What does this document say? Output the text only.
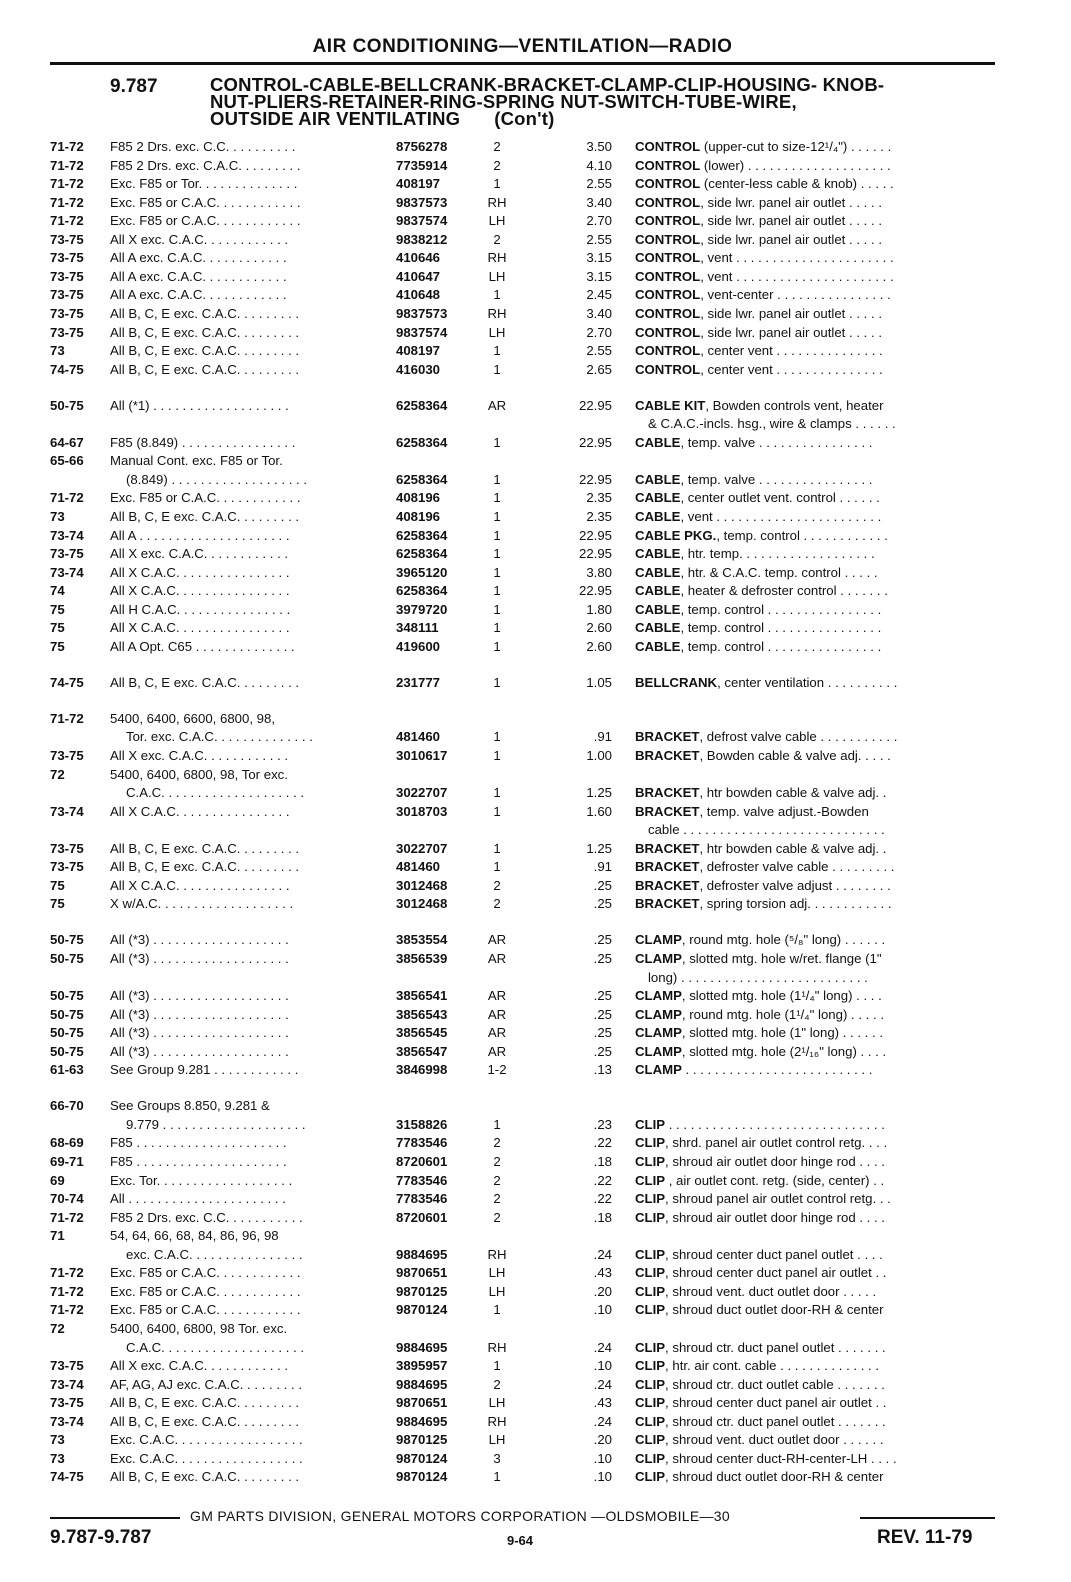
AIR CONDITIONING—VENTILATION—RADIO
9.787	CONTROL-CABLE-BELLCRANK-BRACKET-CLAMP-CLIP-HOUSING- KNOB-
NUT-PLIERS-RETAINER-RING-SPRING NUT-SWITCH-TUBE-WIRE,
OUTSIDE AIR VENTILATING (Con't)
71-72 F85 2 Drs. exc. C.C. . . . . . . . . .	8756278	2	3.50 CONTROL (upper-cut to size-12¹/₄") . . . . . .
71-72 F85 2 Drs. exc. C.A.C. . . . . . . . .	7735914	2	4.10 CONTROL (lower) . . . . . . . . . . . . . . . . . . . .
71-72 Exc. F85 or Tor. . . . . . . . . . . . . .	408197	1	2.55 CONTROL (center-less cable & knob) . . . . .
71-72 Exc. F85 or C.A.C. . . . . . . . . . . .	9837573	RH	3.40 CONTROL, side lwr. panel air outlet . . . . .
71-72 Exc. F85 or C.A.C. . . . . . . . . . . .	9837574	LH	2.70 CONTROL, side lwr. panel air outlet . . . . .
73-75 All X exc. C.A.C. . . . . . . . . . . .	9838212	2	2.55 CONTROL, side lwr. panel air outlet . . . . .
73-75 All A exc. C.A.C. . . . . . . . . . . .	410646	RH	3.15 CONTROL, vent . . . . . . . . . . . . . . . . . . . . . .
73-75 All A exc. C.A.C. . . . . . . . . . . .	410647	LH	3.15 CONTROL, vent . . . . . . . . . . . . . . . . . . . . . .
73-75 All A exc. C.A.C. . . . . . . . . . . .	410648	1	2.45 CONTROL, vent-center . . . . . . . . . . . . . . . .
73-75 All B, C, E exc. C.A.C. . . . . . . . .	9837573	RH	3.40 CONTROL, side lwr. panel air outlet . . . . .
73-75 All B, C, E exc. C.A.C. . . . . . . . .	9837574	LH	2.70 CONTROL, side lwr. panel air outlet . . . . .
73	All B, C, E exc. C.A.C. . . . . . . . .	408197	1	2.55 CONTROL, center vent . . . . . . . . . . . . . . .
74-75 All B, C, E exc. C.A.C. . . . . . . . .	416030	1	2.65 CONTROL, center vent . . . . . . . . . . . . . . .
50-75 All (*1) . . . . . . . . . . . . . . . . . . .	6258364	AR	22.95 CABLE KIT, Bowden controls vent, heater
& C.A.C.-incls. hsg., wire & clamps . . . . . .
64-67 F85 (8.849) . . . . . . . . . . . . . . . .	6258364	1	22.95 CABLE, temp. valve . . . . . . . . . . . . . . . .
65-66 Manual Cont. exc. F85 or Tor.
(8.849) . . . . . . . . . . . . . . . . . . .	6258364	1	22.95 CABLE, temp. valve . . . . . . . . . . . . . . . .
71-72 Exc. F85 or C.A.C. . . . . . . . . . . .	408196	1	2.35 CABLE, center outlet vent. control . . . . . .
73	All B, C, E exc. C.A.C. . . . . . . . .	408196	1	2.35 CABLE, vent . . . . . . . . . . . . . . . . . . . . . . .
73-74 All A . . . . . . . . . . . . . . . . . . . . .	6258364	1	22.95 CABLE PKG., temp. control . . . . . . . . . . . .
73-75 All X exc. C.A.C. . . . . . . . . . . .	6258364	1	22.95 CABLE, htr. temp. . . . . . . . . . . . . . . . . . .
73-74 All X C.A.C. . . . . . . . . . . . . . . .	3965120	1	3.80 CABLE, htr. & C.A.C. temp. control . . . . .
74	All X C.A.C. . . . . . . . . . . . . . . .	6258364	1	22.95 CABLE, heater & defroster control . . . . . . .
75	All H C.A.C. . . . . . . . . . . . . . . .	3979720	1	1.80 CABLE, temp. control . . . . . . . . . . . . . . . .
75	All X C.A.C. . . . . . . . . . . . . . . .	348111	1	2.60 CABLE, temp. control . . . . . . . . . . . . . . . .
75	All A Opt. C65 . . . . . . . . . . . . . .	419600	1	2.60 CABLE, temp. control . . . . . . . . . . . . . . . .
74-75 All B, C, E exc. C.A.C. . . . . . . . .	231777	1	1.05 BELLCRANK, center ventilation . . . . . . . . . .
71-72 5400, 6400, 6600, 6800, 98,
Tor. exc. C.A.C. . . . . . . . . . . . . .	481460	1	.91 BRACKET, defrost valve cable . . . . . . . . . . .
73-75 All X exc. C.A.C. . . . . . . . . . . .	3010617	1	1.00 BRACKET, Bowden cable & valve adj. . . . .
72	5400, 6400, 6800, 98, Tor exc.
C.A.C. . . . . . . . . . . . . . . . . . . .	3022707	1	1.25 BRACKET, htr bowden cable & valve adj. .
73-74 All X C.A.C. . . . . . . . . . . . . . . .	3018703	1	1.60 BRACKET, temp. valve adjust.-Bowden
cable . . . . . . . . . . . . . . . . . . . . . . . . . . . .
73-75 All B, C, E exc. C.A.C. . . . . . . . .	3022707	1	1.25 BRACKET, htr bowden cable & valve adj. .
73-75 All B, C, E exc. C.A.C. . . . . . . . .	481460	1	.91 BRACKET, defroster valve cable . . . . . . . . .
75	All X C.A.C. . . . . . . . . . . . . . . .	3012468	2	.25 BRACKET, defroster valve adjust . . . . . . . .
75	X w/A.C. . . . . . . . . . . . . . . . . . .	3012468	2	.25 BRACKET, spring torsion adj. . . . . . . . . . . .
50-75 All (*3) . . . . . . . . . . . . . . . . . . .	3853554	AR	.25 CLAMP, round mtg. hole (⁵/₈" long) . . . . . .
50-75 All (*3) . . . . . . . . . . . . . . . . . . .	3856539	AR	.25 CLAMP, slotted mtg. hole w/ret. flange (1"
long) . . . . . . . . . . . . . . . . . . . . . . . . . .
50-75 All (*3) . . . . . . . . . . . . . . . . . . .	3856541	AR	.25 CLAMP, slotted mtg. hole (1¹/₄" long) . . . .
50-75 All (*3) . . . . . . . . . . . . . . . . . . .	3856543	AR	.25 CLAMP, round mtg. hole (1¹/₄" long) . . . . .
50-75 All (*3) . . . . . . . . . . . . . . . . . . .	3856545	AR	.25 CLAMP, slotted mtg. hole (1" long) . . . . . .
50-75 All (*3) . . . . . . . . . . . . . . . . . . .	3856547	AR	.25 CLAMP, slotted mtg. hole (2¹/₁₆" long) . . . .
61-63 See Group 9.281 . . . . . . . . . . . .	3846998	1-2	.13 CLAMP . . . . . . . . . . . . . . . . . . . . . . . . . .
66-70 See Groups 8.850, 9.281 &
9.779 . . . . . . . . . . . . . . . . . . . .	3158826	1	.23 CLIP . . . . . . . . . . . . . . . . . . . . . . . . . . . . . .
68-69 F85 . . . . . . . . . . . . . . . . . . . . .	7783546	2	.22 CLIP, shrd. panel air outlet control retg. . . .
69-71 F85 . . . . . . . . . . . . . . . . . . . . .	8720601	2	.18 CLIP, shroud air outlet door hinge rod . . . .
69	Exc. Tor. . . . . . . . . . . . . . . . . . .	7783546	2	.22 CLIP , air outlet cont. retg. (side, center) . .
70-74 All . . . . . . . . . . . . . . . . . . . . . .	7783546	2	.22 CLIP, shroud panel air outlet control retg. . .
71-72 F85 2 Drs. exc. C.C. . . . . . . . . . .	8720601	2	.18 CLIP, shroud air outlet door hinge rod . . . .
71	54, 64, 66, 68, 84, 86, 96, 98
exc. C.A.C. . . . . . . . . . . . . . . .	9884695	RH	.24 CLIP, shroud center duct panel outlet . . . .
71-72 Exc. F85 or C.A.C. . . . . . . . . . . .	9870651	LH	.43 CLIP, shroud center duct panel air outlet . .
71-72 Exc. F85 or C.A.C. . . . . . . . . . . .	9870125	LH	.20 CLIP, shroud vent. duct outlet door . . . . .
71-72 Exc. F85 or C.A.C. . . . . . . . . . . .	9870124	1	.10 CLIP, shroud duct outlet door-RH & center
72	5400, 6400, 6800, 98 Tor. exc.
C.A.C. . . . . . . . . . . . . . . . . . . .	9884695	RH	.24 CLIP, shroud ctr. duct panel outlet . . . . . . .
73-75 All X exc. C.A.C. . . . . . . . . . . .	3895957	1	.10 CLIP, htr. air cont. cable . . . . . . . . . . . . . .
73-74 AF, AG, AJ exc. C.A.C. . . . . . . . .	9884695	2	.24 CLIP, shroud ctr. duct outlet cable . . . . . . .
73-75 All B, C, E exc. C.A.C. . . . . . . . .	9870651	LH	.43 CLIP, shroud center duct panel air outlet . .
73-74 All B, C, E exc. C.A.C. . . . . . . . .	9884695	RH	.24 CLIP, shroud ctr. duct panel outlet . . . . . . .
73	Exc. C.A.C. . . . . . . . . . . . . . . . . .	9870125	LH	.20 CLIP, shroud vent. duct outlet door . . . . . .
73	Exc. C.A.C. . . . . . . . . . . . . . . . . .	9870124	3	.10 CLIP, shroud center duct-RH-center-LH . . . .
74-75 All B, C, E exc. C.A.C. . . . . . . . .	9870124	1	.10 CLIP, shroud duct outlet door-RH & center
GM PARTS DIVISION, GENERAL MOTORS CORPORATION —OLDSMOBILE—30
9.787-9.787	9-64	REV. 11-79
